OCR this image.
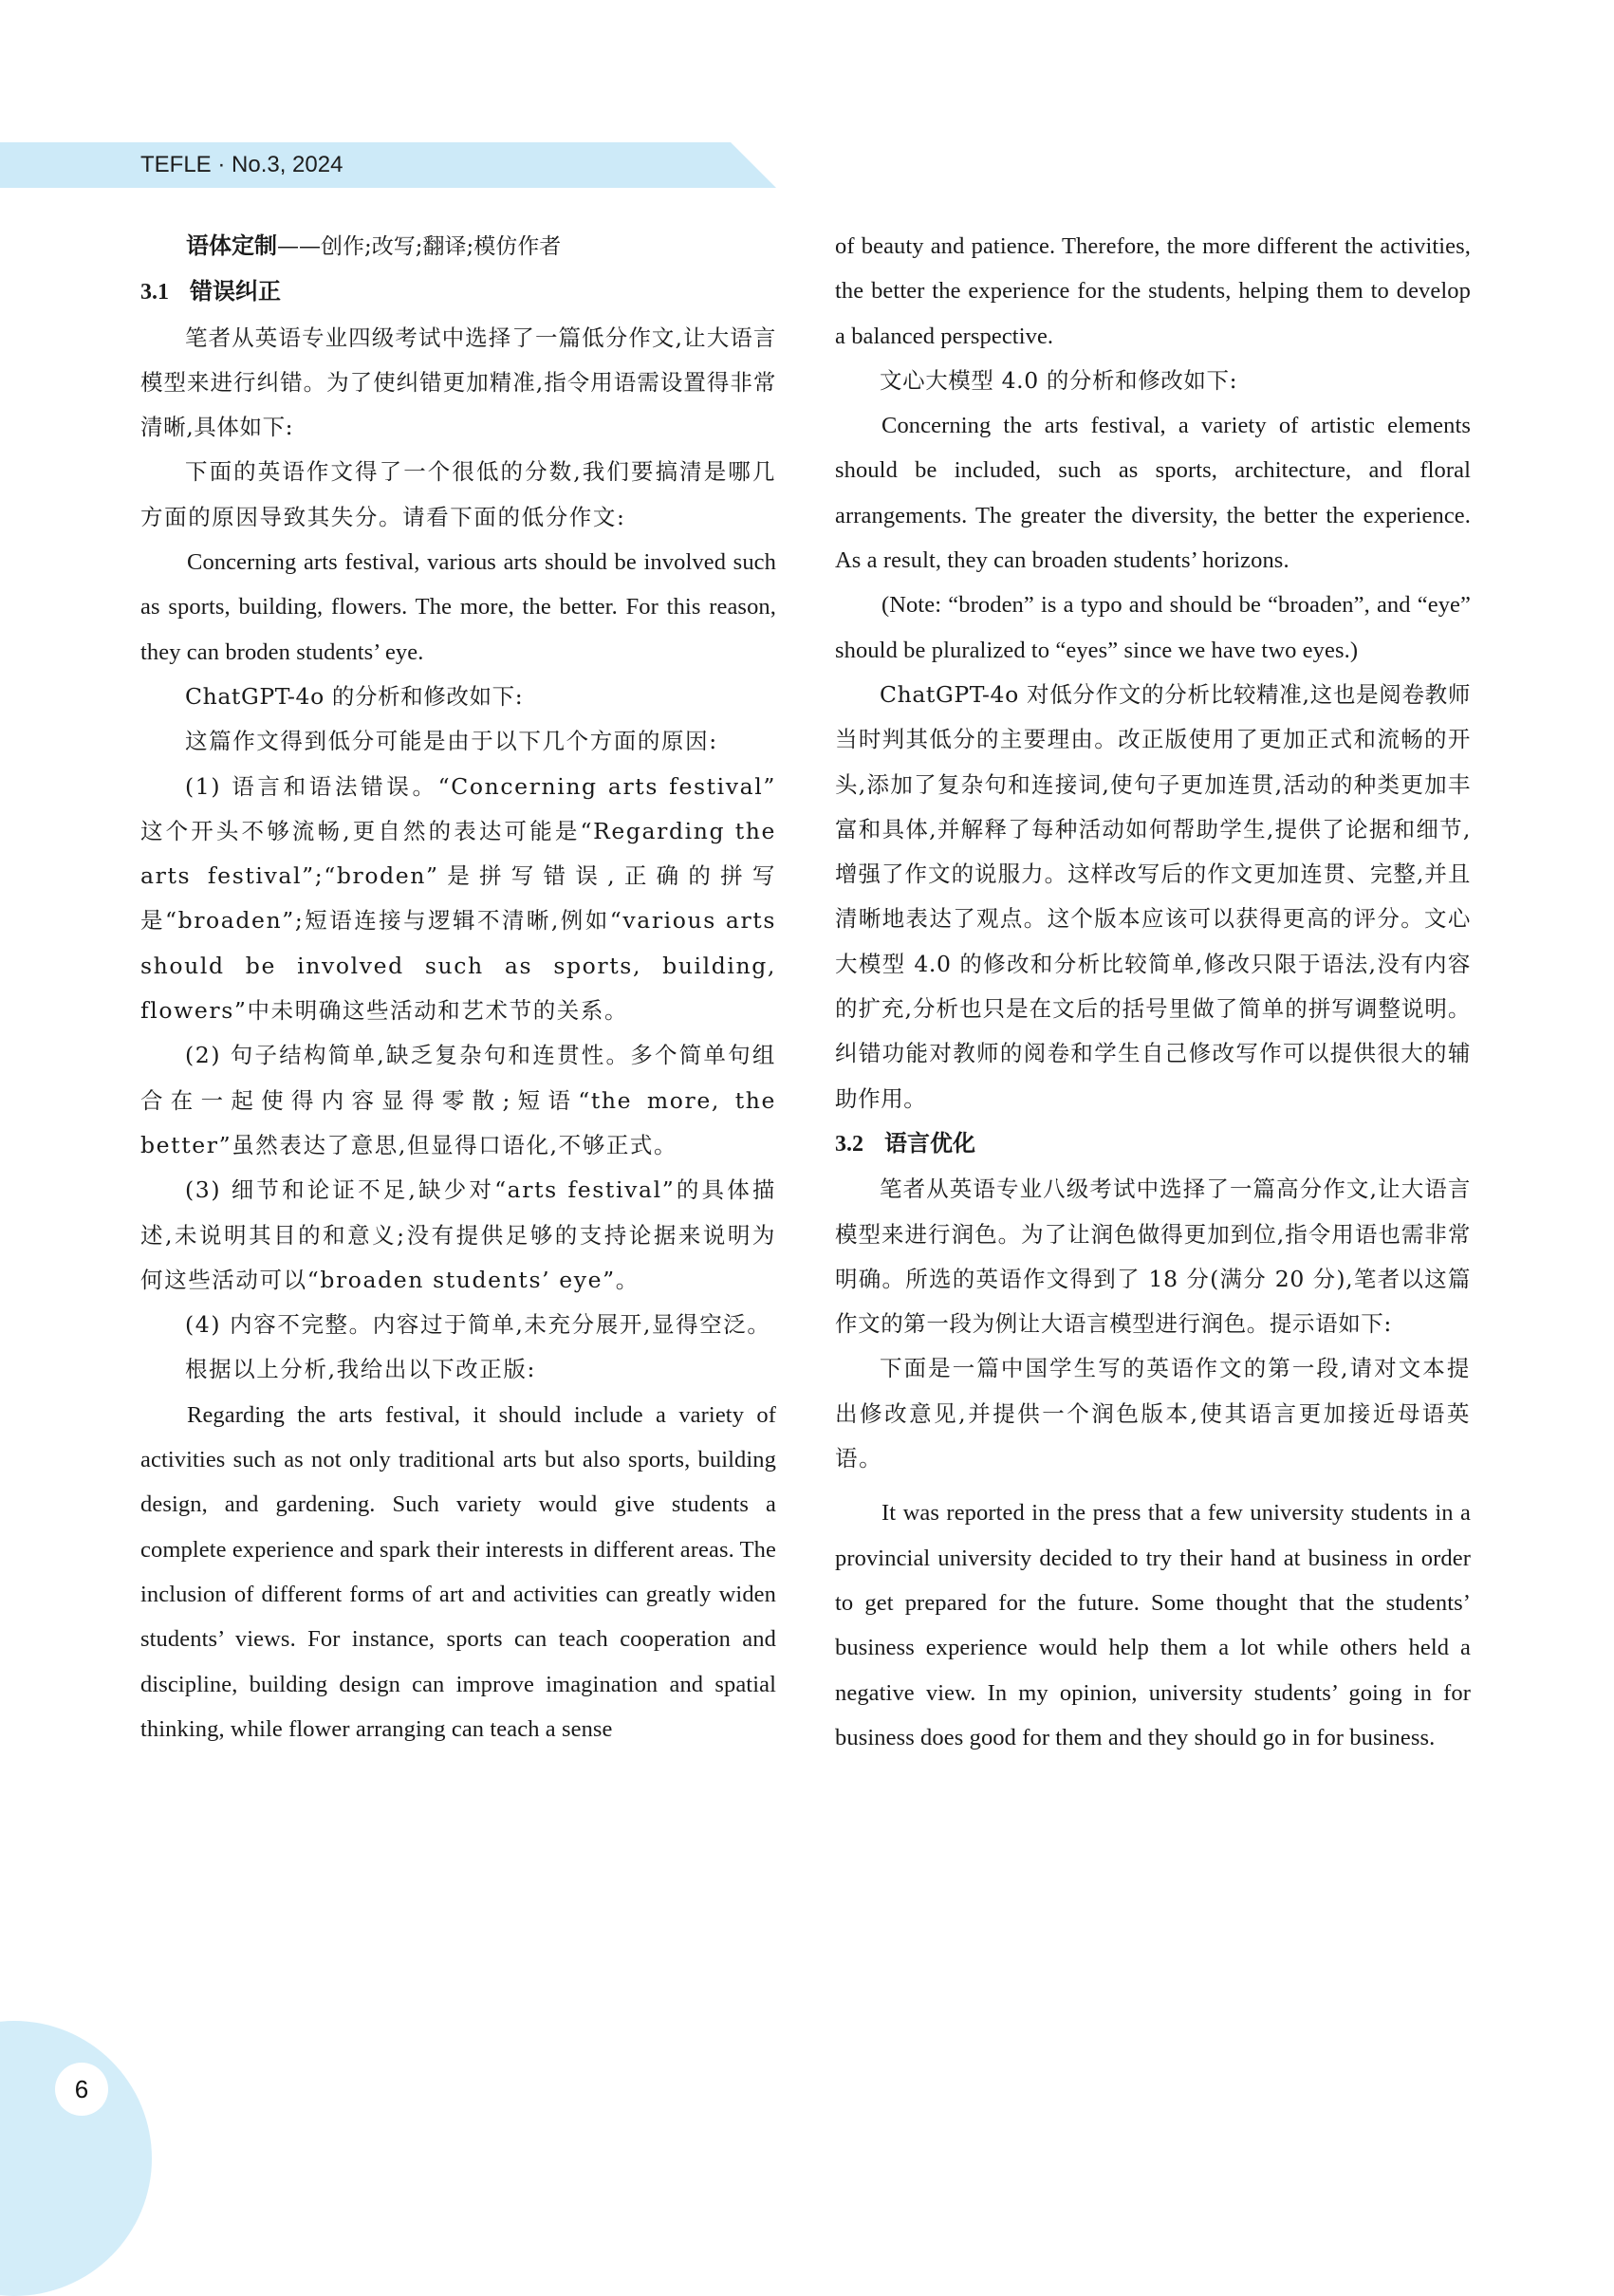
TEFLE · No.3, 2024

语体定制——创作;改写;翻译;模仿作者

3.1 错误纠正

笔者从英语专业四级考试中选择了一篇低分作文,让大语言模型来进行纠错。为了使纠错更加精准,指令用语需设置得非常清晰,具体如下:

下面的英语作文得了一个很低的分数,我们要搞清是哪几方面的原因导致其失分。请看下面的低分作文:

Concerning arts festival, various arts should be involved such as sports, building, flowers. The more, the better. For this reason, they can broden students’ eye.

ChatGPT-4o 的分析和修改如下:

这篇作文得到低分可能是由于以下几个方面的原因:

(1) 语言和语法错误。“Concerning arts festival” 这个开头不够流畅,更自然的表达可能是“Regarding the arts festival”;“broden”是拼写错误,正确的拼写是“broaden”;短语连接与逻辑不清晰,例如“various arts should be involved such as sports, building, flowers”中未明确这些活动和艺术节的关系。

(2) 句子结构简单,缺乏复杂句和连贯性。多个简单句组合在一起使得内容显得零散;短语“the more, the better”虽然表达了意思,但显得口语化,不够正式。

(3) 细节和论证不足,缺少对“arts festival”的具体描述,未说明其目的和意义;没有提供足够的支持论据来说明为何这些活动可以“broaden students’ eye”。

(4) 内容不完整。内容过于简单,未充分展开,显得空泛。

根据以上分析,我给出以下改正版:

Regarding the arts festival, it should include a variety of activities such as not only traditional arts but also sports, building design, and gardening. Such variety would give students a complete experience and spark their interests in different areas. The inclusion of different forms of art and activities can greatly widen students’ views. For instance, sports can teach cooperation and discipline, building design can improve imagination and spatial thinking, while flower arranging can teach a sense

of beauty and patience. Therefore, the more different the activities, the better the experience for the students, helping them to develop a balanced perspective.

文心大模型 4.0 的分析和修改如下:

Concerning the arts festival, a variety of artistic elements should be included, such as sports, architecture, and floral arrangements. The greater the diversity, the better the experience. As a result, they can broaden students’ horizons.

(Note: “broden” is a typo and should be “broaden”, and “eye” should be pluralized to “eyes” since we have two eyes.)

ChatGPT-4o 对低分作文的分析比较精准,这也是阅卷教师当时判其低分的主要理由。改正版使用了更加正式和流畅的开头,添加了复杂句和连接词,使句子更加连贯,活动的种类更加丰富和具体,并解释了每种活动如何帮助学生,提供了论据和细节,增强了作文的说服力。这样改写后的作文更加连贯、完整,并且清晰地表达了观点。这个版本应该可以获得更高的评分。文心大模型 4.0 的修改和分析比较简单,修改只限于语法,没有内容的扩充,分析也只是在文后的括号里做了简单的拼写调整说明。纠错功能对教师的阅卷和学生自己修改写作可以提供很大的辅助作用。

3.2 语言优化

笔者从英语专业八级考试中选择了一篇高分作文,让大语言模型来进行润色。为了让润色做得更加到位,指令用语也需非常明确。所选的英语作文得到了 18 分(满分 20 分),笔者以这篇作文的第一段为例让大语言模型进行润色。提示语如下:

下面是一篇中国学生写的英语作文的第一段,请对文本提出修改意见,并提供一个润色版本,使其语言更加接近母语英语。

It was reported in the press that a few university students in a provincial university decided to try their hand at business in order to get prepared for the future. Some thought that the students’ business experience would help them a lot while others held a negative view. In my opinion, university students’ going in for business does good for them and they should go in for business.

6
